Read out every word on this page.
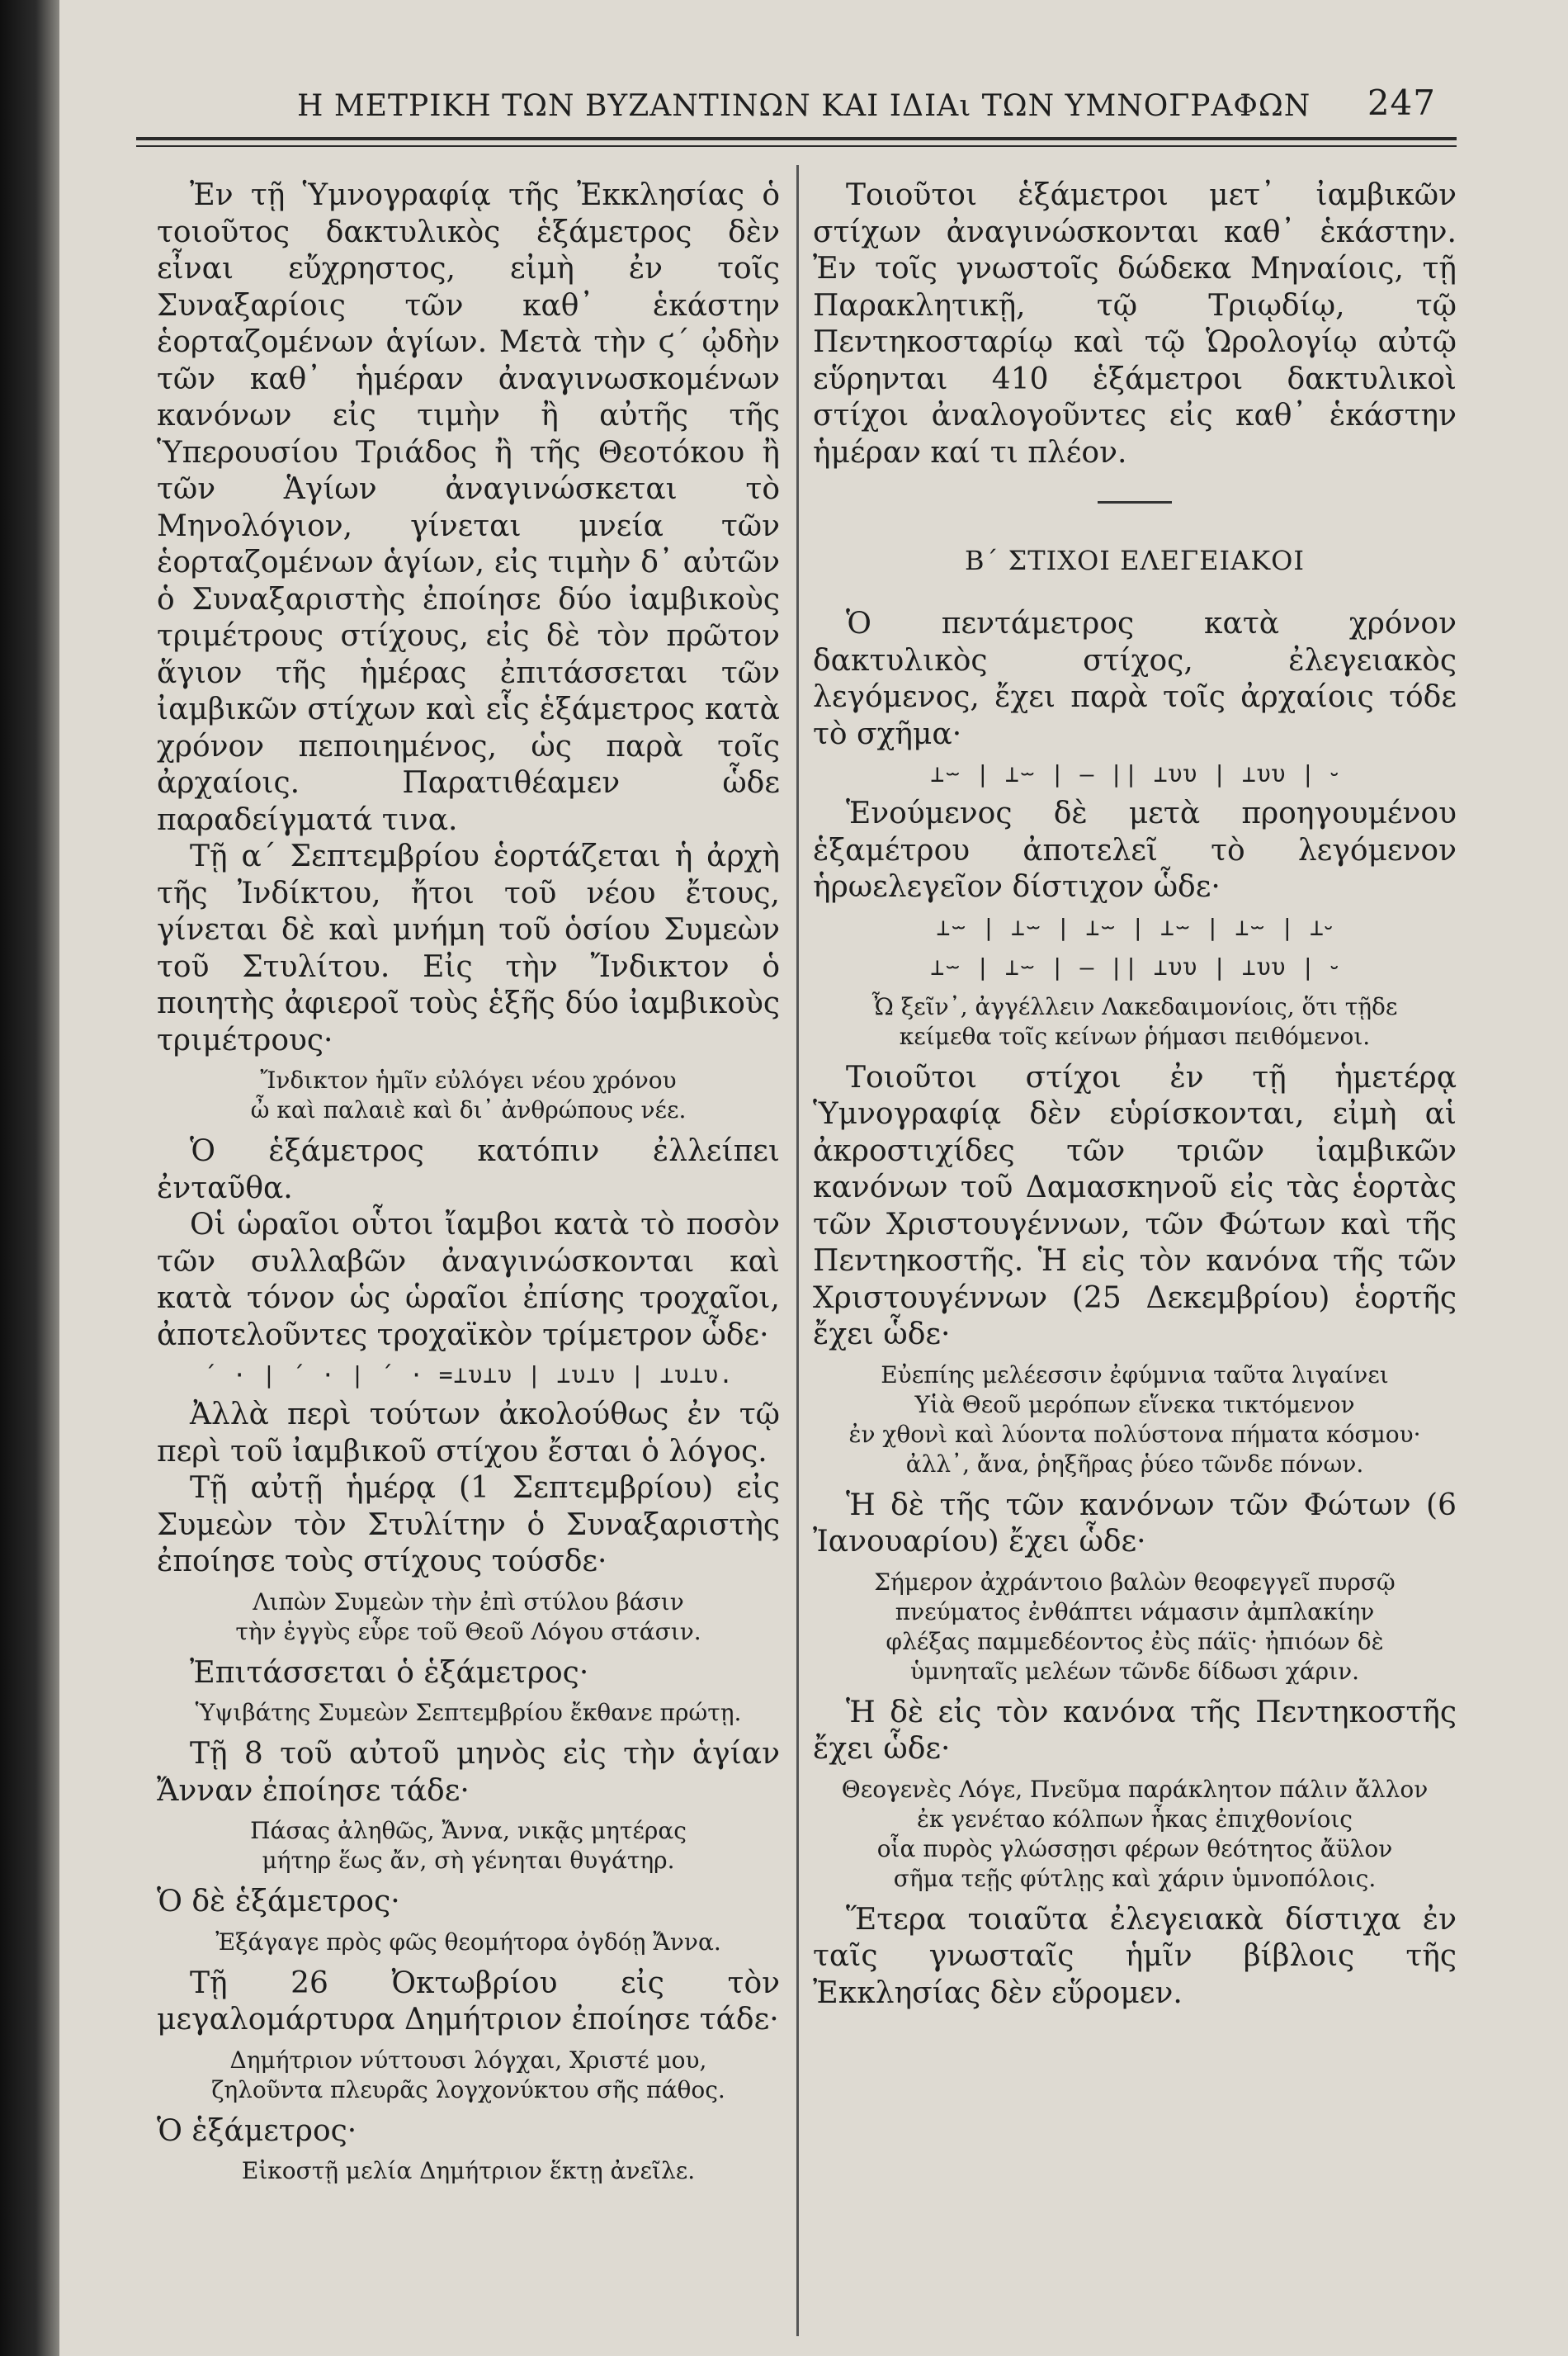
Η ΜΕΤΡΙΚΗ ΤΩΝ ΒΥΖΑΝΤΙΝΩΝ ΚΑΙ ΙΔΙΑι ΤΩΝ ΥΜΝΟΓΡΑΦΩΝ 247

Ἐν τῇ Ὑμνογραφίᾳ τῆς Ἐκκλησίας ὁ τοιοῦτος δακτυλικὸς ἑξάμετρος δὲν εἶναι εὔχρηστος, εἰμὴ ἐν τοῖς Συναξαρίοις τῶν καθ᾽ ἑκάστην ἑορταζομένων ἁγίων. Μετὰ τὴν ϛ΄ ᾠδὴν τῶν καθ᾽ ἡμέραν ἀναγινωσκομένων κανόνων εἰς τιμὴν ἢ αὐτῆς τῆς Ὑπερουσίου Τριάδος ἢ τῆς Θεοτόκου ἢ τῶν Ἁγίων ἀναγινώσκεται τὸ Μηνολόγιον, γίνεται μνεία τῶν ἑορταζομένων ἁγίων, εἰς τιμὴν δ᾽ αὐτῶν ὁ Συναξαριστὴς ἐποίησε δύο ἰαμβικοὺς τριμέτρους στίχους, εἰς δὲ τὸν πρῶτον ἅγιον τῆς ἡμέρας ἐπιτάσσεται τῶν ἰαμβικῶν στίχων καὶ εἷς ἑξάμετρος κατὰ χρόνον πεποιημένος, ὡς παρὰ τοῖς ἀρχαίοις. Παρατιθέαμεν ὧδε παραδείγματά τινα.

Τῇ α΄ Σεπτεμβρίου ἑορτάζεται ἡ ἀρχὴ τῆς Ἰνδίκτου, ἤτοι τοῦ νέου ἔτους, γίνεται δὲ καὶ μνήμη τοῦ ὁσίου Συμεὼν τοῦ Στυλίτου. Εἰς τὴν Ἴνδικτον ὁ ποιητὴς ἀφιεροῖ τοὺς ἑξῆς δύο ἰαμβικοὺς τριμέτρους·

Ἴνδικτον ἡμῖν εὐλόγει νέου χρόνου
ὦ καὶ παλαιὲ καὶ δι᾽ ἀνθρώπους νέε.

Ὁ ἑξάμετρος κατόπιν ἐλλείπει ἐνταῦθα.

Οἱ ὡραῖοι οὗτοι ἴαμβοι κατὰ τὸ ποσὸν τῶν συλλαβῶν ἀναγινώσκονται καὶ κατὰ τόνον ὡς ὡραῖοι ἐπίσης τροχαῖοι, ἀποτελοῦντες τροχαϊκὸν τρίμετρον ὧδε·

΄ · | ΄ · | ΄ · =⊥υ⊥υ | ⊥υ⊥υ | ⊥υ⊥υ.

Ἀλλὰ περὶ τούτων ἀκολούθως ἐν τῷ περὶ τοῦ ἰαμβικοῦ στίχου ἔσται ὁ λόγος.

Τῇ αὐτῇ ἡμέρᾳ (1 Σεπτεμβρίου) εἰς Συμεὼν τὸν Στυλίτην ὁ Συναξαριστὴς ἐποίησε τοὺς στίχους τούσδε·

Λιπὼν Συμεὼν τὴν ἐπὶ στύλου βάσιν
τὴν ἐγγὺς εὗρε τοῦ Θεοῦ Λόγου στάσιν.

Ἐπιτάσσεται ὁ ἑξάμετρος·

Ὑψιβάτης Συμεὼν Σεπτεμβρίου ἔκθανε πρώτῃ.

Τῇ 8 τοῦ αὐτοῦ μηνὸς εἰς τὴν ἁγίαν Ἄνναν ἐποίησε τάδε·

Πάσας ἀληθῶς, Ἄννα, νικᾷς μητέρας
μήτηρ ἕως ἄν, σὴ γένηται θυγάτηρ.

Ὁ δὲ ἑξάμετρος·

Ἐξάγαγε πρὸς φῶς θεομήτορα ὀγδόῃ Ἄννα.

Τῇ 26 Ὀκτωβρίου εἰς τὸν μεγαλομάρτυρα Δημήτριον ἐποίησε τάδε·

Δημήτριον νύττουσι λόγχαι, Χριστέ μου,
ζηλοῦντα πλευρᾶς λογχονύκτου σῆς πάθος.

Ὁ ἑξάμετρος·

Εἰκοστῇ μελία Δημήτριον ἕκτῃ ἀνεῖλε.

Τοιοῦτοι ἑξάμετροι μετ᾽ ἰαμβικῶν στίχων ἀναγινώσκονται καθ᾽ ἑκάστην. Ἐν τοῖς γνωστοῖς δώδεκα Μηναίοις, τῇ Παρακλητικῇ, τῷ Τριῳδίῳ, τῷ Πεντηκοσταρίῳ καὶ τῷ Ὡρολογίῳ αὐτῷ εὕρηνται 410 ἑξάμετροι δακτυλικοὶ στίχοι ἀναλογοῦντες εἰς καθ᾽ ἑκάστην ἡμέραν καί τι πλέον.

Β΄ ΣΤΙΧΟΙ ΕΛΕΓΕΙΑΚΟΙ

Ὁ πεντάμετρος κατὰ χρόνον δακτυλικὸς στίχος, ἐλεγειακὸς λεγόμενος, ἔχει παρὰ τοῖς ἀρχαίοις τόδε τὸ σχῆμα·

⊥⏖ | ⊥⏖ | – || ⊥υυ | ⊥υυ | ⏑

Ἑνούμενος δὲ μετὰ προηγουμένου ἑξαμέτρου ἀποτελεῖ τὸ λεγόμενον ἡρωελεγεῖον δίστιχον ὧδε·

⊥⏖ | ⊥⏖ | ⊥⏖ | ⊥⏖ | ⊥⏖ | ⊥⏑
⊥⏖ | ⊥⏖ | – || ⊥υυ | ⊥υυ | ⏑
Ὦ ξεῖν᾽, ἀγγέλλειν Λακεδαιμονίοις, ὅτι τῇδε
κείμεθα τοῖς κείνων ῥήμασι πειθόμενοι.

Τοιοῦτοι στίχοι ἐν τῇ ἡμετέρᾳ Ὑμνογραφίᾳ δὲν εὑρίσκονται, εἰμὴ αἱ ἀκροστιχίδες τῶν τριῶν ἰαμβικῶν κανόνων τοῦ Δαμασκηνοῦ εἰς τὰς ἑορτὰς τῶν Χριστουγέννων, τῶν Φώτων καὶ τῆς Πεντηκοστῆς. Ἡ εἰς τὸν κανόνα τῆς τῶν Χριστουγέννων (25 Δεκεμβρίου) ἑορτῆς ἔχει ὧδε·

Εὐεπίης μελέεσσιν ἐφύμνια ταῦτα λιγαίνει
Υἱὰ Θεοῦ μερόπων εἵνεκα τικτόμενον
ἐν χθονὶ καὶ λύοντα πολύστονα πήματα κόσμου·
ἀλλ᾽, ἄνα, ῥηξῆρας ῥύεο τῶνδε πόνων.

Ἡ δὲ τῆς τῶν κανόνων τῶν Φώτων (6 Ἰανουαρίου) ἔχει ὧδε·

Σήμερον ἀχράντοιο βαλὼν θεοφεγγεῖ πυρσῷ
πνεύματος ἐνθάπτει νάμασιν ἀμπλακίην
φλέξας παμμεδέοντος ἐὺς πάϊς· ἠπιόων δὲ
ὑμνηταῖς μελέων τῶνδε δίδωσι χάριν.

Ἡ δὲ εἰς τὸν κανόνα τῆς Πεντηκοστῆς ἔχει ὧδε·

Θεογενὲς Λόγε, Πνεῦμα παράκλητον πάλιν ἄλλον
ἐκ γενέταο κόλπων ἧκας ἐπιχθονίοις
οἷα πυρὸς γλώσσῃσι φέρων θεότητος ἄϋλον
σῆμα τεῇς φύτλῃς καὶ χάριν ὑμνοπόλοις.

Ἕτερα τοιαῦτα ἐλεγειακὰ δίστιχα ἐν ταῖς γνωσταῖς ἡμῖν βίβλοις τῆς Ἐκκλησίας δὲν εὕρομεν.
